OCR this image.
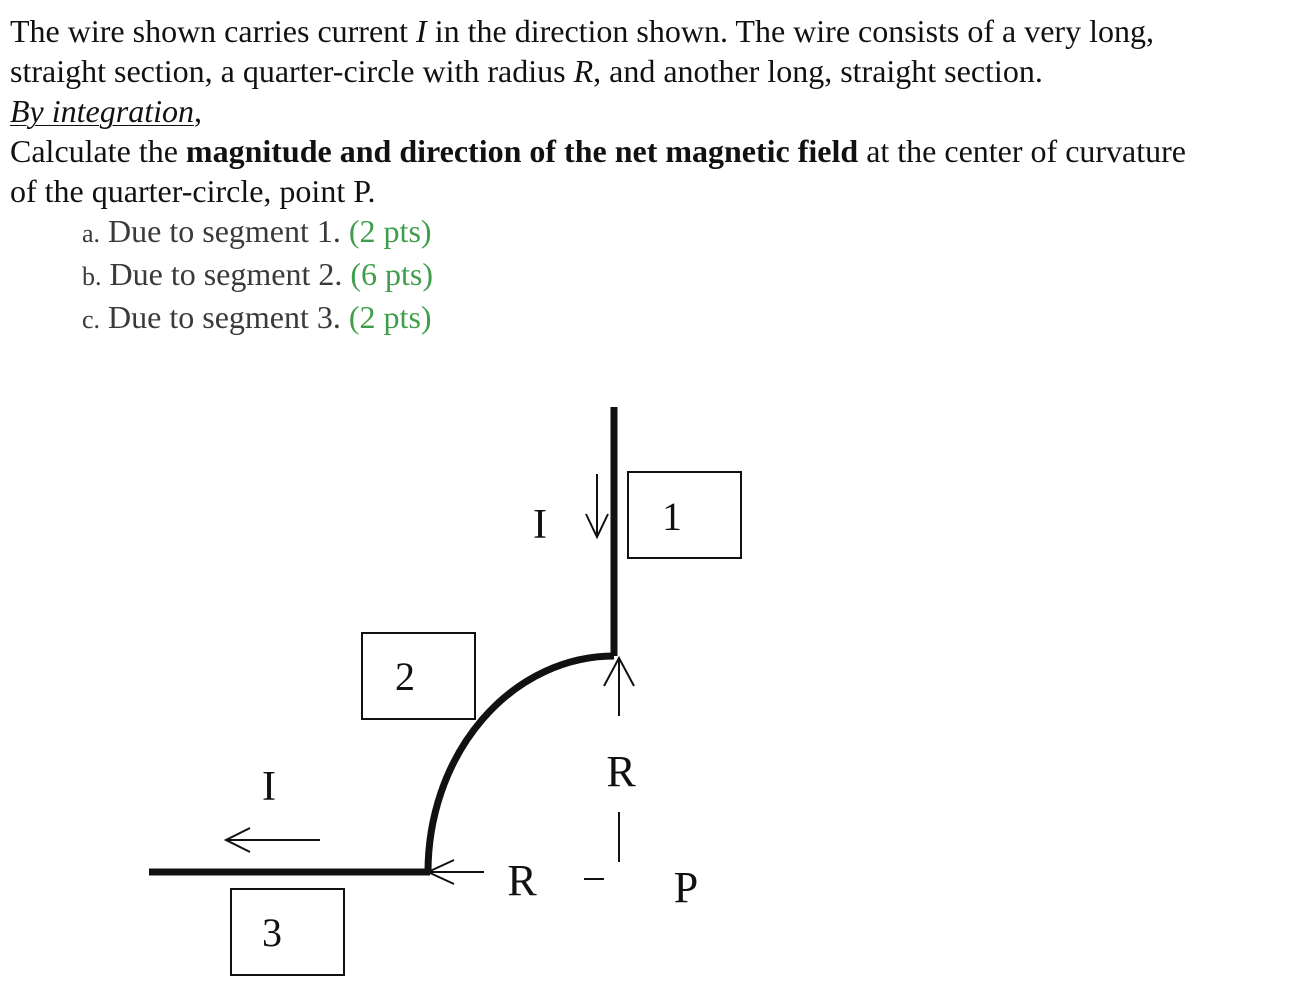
The wire shown carries current I in the direction shown. The wire consists of a very long,

straight section, a quarter-circle with radius R, and another long, straight section.

By integration,

Calculate the magnitude and direction of the net magnetic field at the center of curvature

of the quarter-circle, point P.

a. Due to segment 1. (2 pts)
b. Due to segment 2. (6 pts)
c. Due to segment 3. (2 pts)
I
I	R
R	P
1
2
3
